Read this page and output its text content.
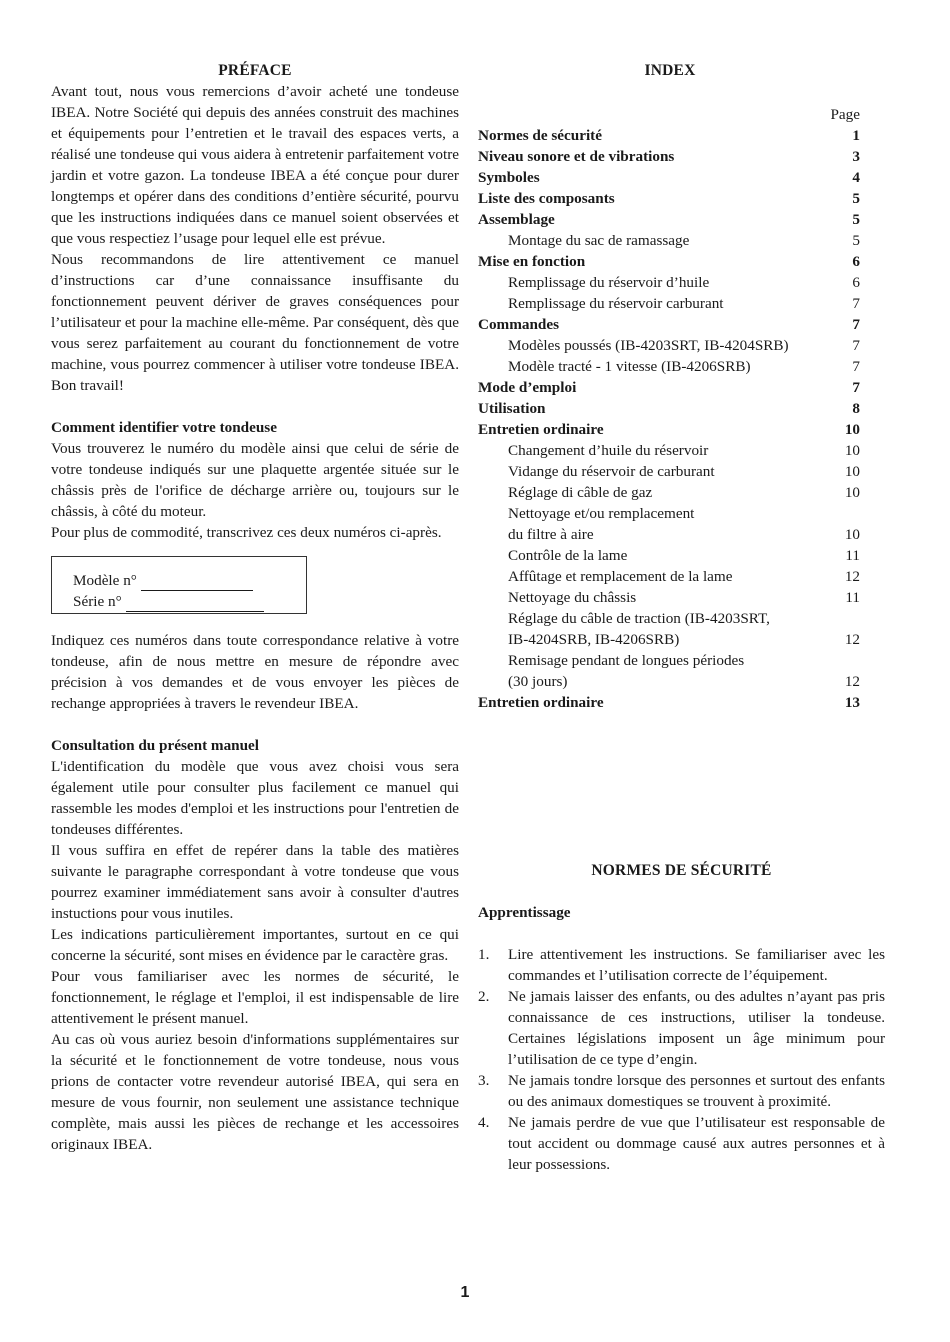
PRÉFACE

Avant tout, nous vous remercions d’avoir acheté une tondeuse IBEA. Notre Société qui depuis des années construit des machines et équipements pour l’entretien et le travail des espaces verts, a réalisé une tondeuse qui vous aidera à entretenir parfaitement votre jardin et votre gazon. La tondeuse IBEA a été conçue pour durer longtemps et opérer dans des conditions d’entière sécurité, pourvu que les instructions indiquées dans ce manuel soient observées et que vous respectiez l’usage pour lequel elle est prévue.

Nous recommandons de lire attentivement ce manuel d’instructions car d’une connaissance insuffisante du fonctionnement peuvent dériver de graves conséquences pour l’utilisateur et pour la machine elle-même. Par conséquent, dès que vous serez parfaitement au courant du fonctionnement de votre machine, vous pourrez commencer à utiliser votre tondeuse IBEA. Bon travail!

Comment identifier votre tondeuse

Vous trouverez le numéro du modèle ainsi que celui de série de votre tondeuse indiqués sur une plaquette argentée située sur le châssis près de l'orifice de décharge arrière ou, toujours sur le châssis, à côté du moteur.

Pour plus de commodité, transcrivez ces deux numéros ci-après.

Modèle n°
Série n°

Indiquez ces numéros dans toute correspondance relative à votre tondeuse, afin de nous mettre en mesure de répondre avec précision à vos demandes et de vous envoyer les pièces de rechange appropriées à travers le revendeur IBEA.

Consultation du présent manuel

L'identification du modèle que vous avez choisi vous sera également utile pour consulter plus facilement ce manuel qui rassemble les modes d'emploi et les instructions pour l'entretien de tondeuses différentes.

Il vous suffira en effet de repérer dans la table des matières suivante le paragraphe correspondant à votre tondeuse que vous pourrez examiner immédiatement sans avoir à consulter d'autres instuctions pour vous inutiles.

Les indications particulièrement importantes, surtout en ce qui concerne la sécurité, sont mises en évidence par le caractère gras.

Pour vous familiariser avec les normes de sécurité, le fonctionnement, le réglage et l'emploi, il est indispensable de lire attentivement le présent manuel.

Au cas où vous auriez besoin d'informations supplémentaires sur la sécurité et le fonctionnement de votre tondeuse, nous vous prions de contacter votre revendeur autorisé IBEA, qui sera en mesure de vous fournir, non seulement une assistance technique complète, mais aussi les pièces de rechange et les accessoires originaux IBEA.

INDEX
Page
Normes de sécurité	1
Niveau sonore et de vibrations	3
Symboles	4
Liste des composants	5
Assemblage	5
Montage du sac de ramassage	5
Mise en fonction	6
Remplissage du réservoir d’huile	6
Remplissage du réservoir carburant	7
Commandes	7
Modèles poussés (IB-4203SRT, IB-4204SRB)	7
Modèle tracté - 1 vitesse (IB-4206SRB)	7
Mode d’emploi	7
Utilisation	8
Entretien ordinaire	10
Changement d’huile du réservoir	10
Vidange du réservoir de carburant	10
Réglage di câble de gaz	10
Nettoyage et/ou remplacement
du filtre à aire	10
Contrôle de la lame	11
Affûtage et remplacement de la lame	12
Nettoyage du châssis	11
Réglage du câble de traction (IB-4203SRT,
IB-4204SRB, IB-4206SRB)	12
Remisage pendant de longues périodes
(30 jours)	12
Entretien ordinaire	13
NORMES DE SÉCURITÉ
Apprentissage
1.	Lire attentivement les instructions. Se familiariser avec les commandes et l’utilisation correcte de l’équipement.
2.	Ne jamais laisser des enfants, ou des adultes n’ayant pas pris connaissance de ces instructions, utiliser la tondeuse. Certaines législations imposent un âge minimum pour l’utilisation de ce type d’engin.
3.	Ne jamais tondre lorsque des personnes et surtout des enfants ou des animaux domestiques se trouvent à proximité.
4.	Ne jamais perdre de vue que l’utilisateur est responsable de tout accident ou dommage causé aux autres personnes et à leur possessions.
1
